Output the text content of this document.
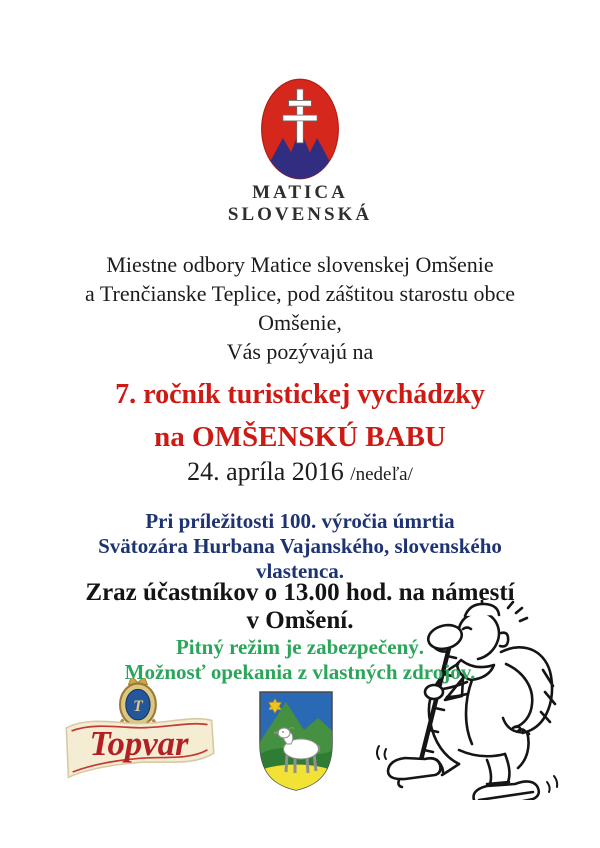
MATICA
SLOVENSKÁ
Miestne odbory Matice slovenskej Omšenie
a Trenčianske Teplice, pod záštitou starostu obce
Omšenie,
Vás pozývajú na
7. ročník turistickej vychádzky
na OMŠENSKÚ BABU
24. apríla 2016 /nedeľa/
Pri príležitosti 100. výročia úmrtia
Svätozára Hurbana Vajanského, slovenského
vlastenca.
Zraz účastníkov o 13.00 hod. na námestí
v Omšení.
Pitný režim je zabezpečený.
Možnosť opekania z vlastných zdrojov.
T
Topvar
